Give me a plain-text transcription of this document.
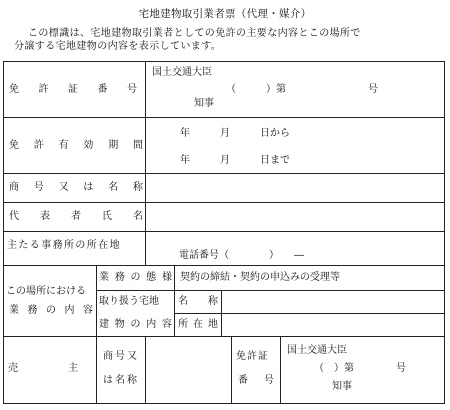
宅地建物取引業者票（代理・媒介）
この標識は、宅地建物取引業者としての免許の主要な内容とこの場所で
分譲する宅地建物の内容を表示しています。
免 許 証 番 号
国土交通大臣
（　　　）第	号
知事
免 許 有 効 期 間
年　　　月　　　日から
年　　　月　　　日まで
商 号 又 は 名 称
代 表 者 氏 名
主たる事務所の所在地
電話番号（　　　　）　　―
この場所における
業 務 の 内 容
業 務 の 態 様 契約の締結・契約の申込みの受理等
取り扱う宅地
建 物 の 内 容
名 称
所 在 地
売　　　　　主
商号又
は名称
免許証
番 号
国土交通大臣
（　）第	号
知事
